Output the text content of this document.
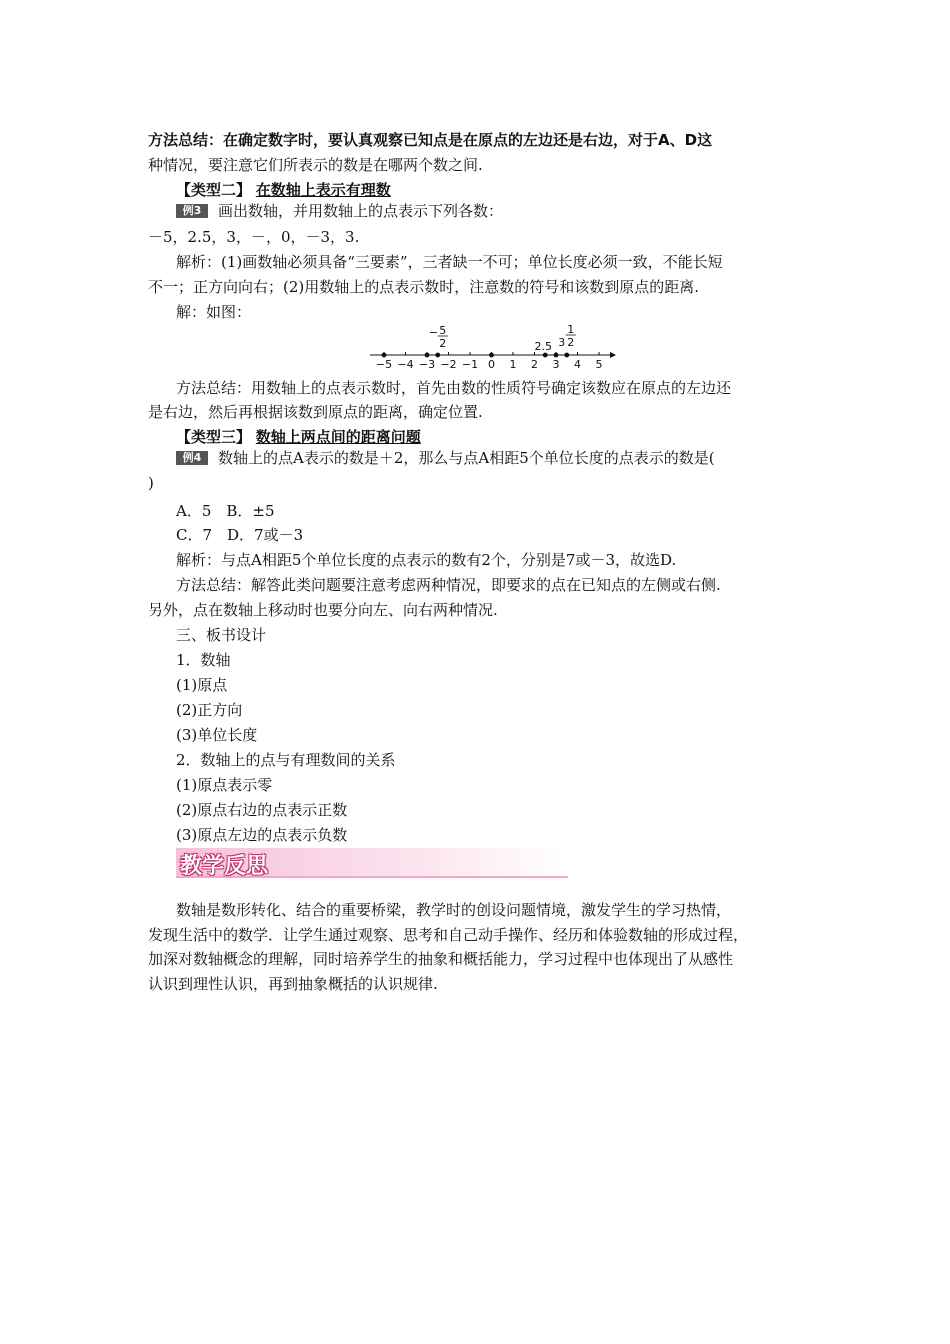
方法总结：在确定数字时，要认真观察已知点是在原点的左边还是右边，对于A、D这
种情况，要注意它们所表示的数是在哪两个数之间.
【类型二】 在数轴上表示有理数
例3 画出数轴，并用数轴上的点表示下列各数：
－5，2.5，3，－，0，－3，3.
解析：(1)画数轴必须具备“三要素”，三者缺一不可；单位长度必须一致，不能长短
不一；正方向向右；(2)用数轴上的点表示数时，注意数的符号和该数到原点的距离.
解：如图：
−5 −4 −3 −2 −1 0 1 2 3 4 5
− 5
2	2.5 3
1
2
方法总结：用数轴上的点表示数时，首先由数的性质符号确定该数应在原点的左边还
是右边，然后再根据该数到原点的距离，确定位置.
【类型三】 数轴上两点间的距离问题
例4 数轴上的点A表示的数是＋2，那么与点A相距5个单位长度的点表示的数是(
)
A．5　B．±5
C．7　D．7或－3
解析：与点A相距5个单位长度的点表示的数有2个，分别是7或－3，故选D.
方法总结：解答此类问题要注意考虑两种情况，即要求的点在已知点的左侧或右侧.
另外，点在数轴上移动时也要分向左、向右两种情况.
三、板书设计
1．数轴
(1)原点
(2)正方向
(3)单位长度
2．数轴上的点与有理数间的关系
(1)原点表示零
(2)原点右边的点表示正数
(3)原点左边的点表示负数
教学反思
数轴是数形转化、结合的重要桥梁，教学时的创设问题情境，激发学生的学习热情，
发现生活中的数学．让学生通过观察、思考和自己动手操作、经历和体验数轴的形成过程，
加深对数轴概念的理解，同时培养学生的抽象和概括能力，学习过程中也体现出了从感性
认识到理性认识，再到抽象概括的认识规律.
